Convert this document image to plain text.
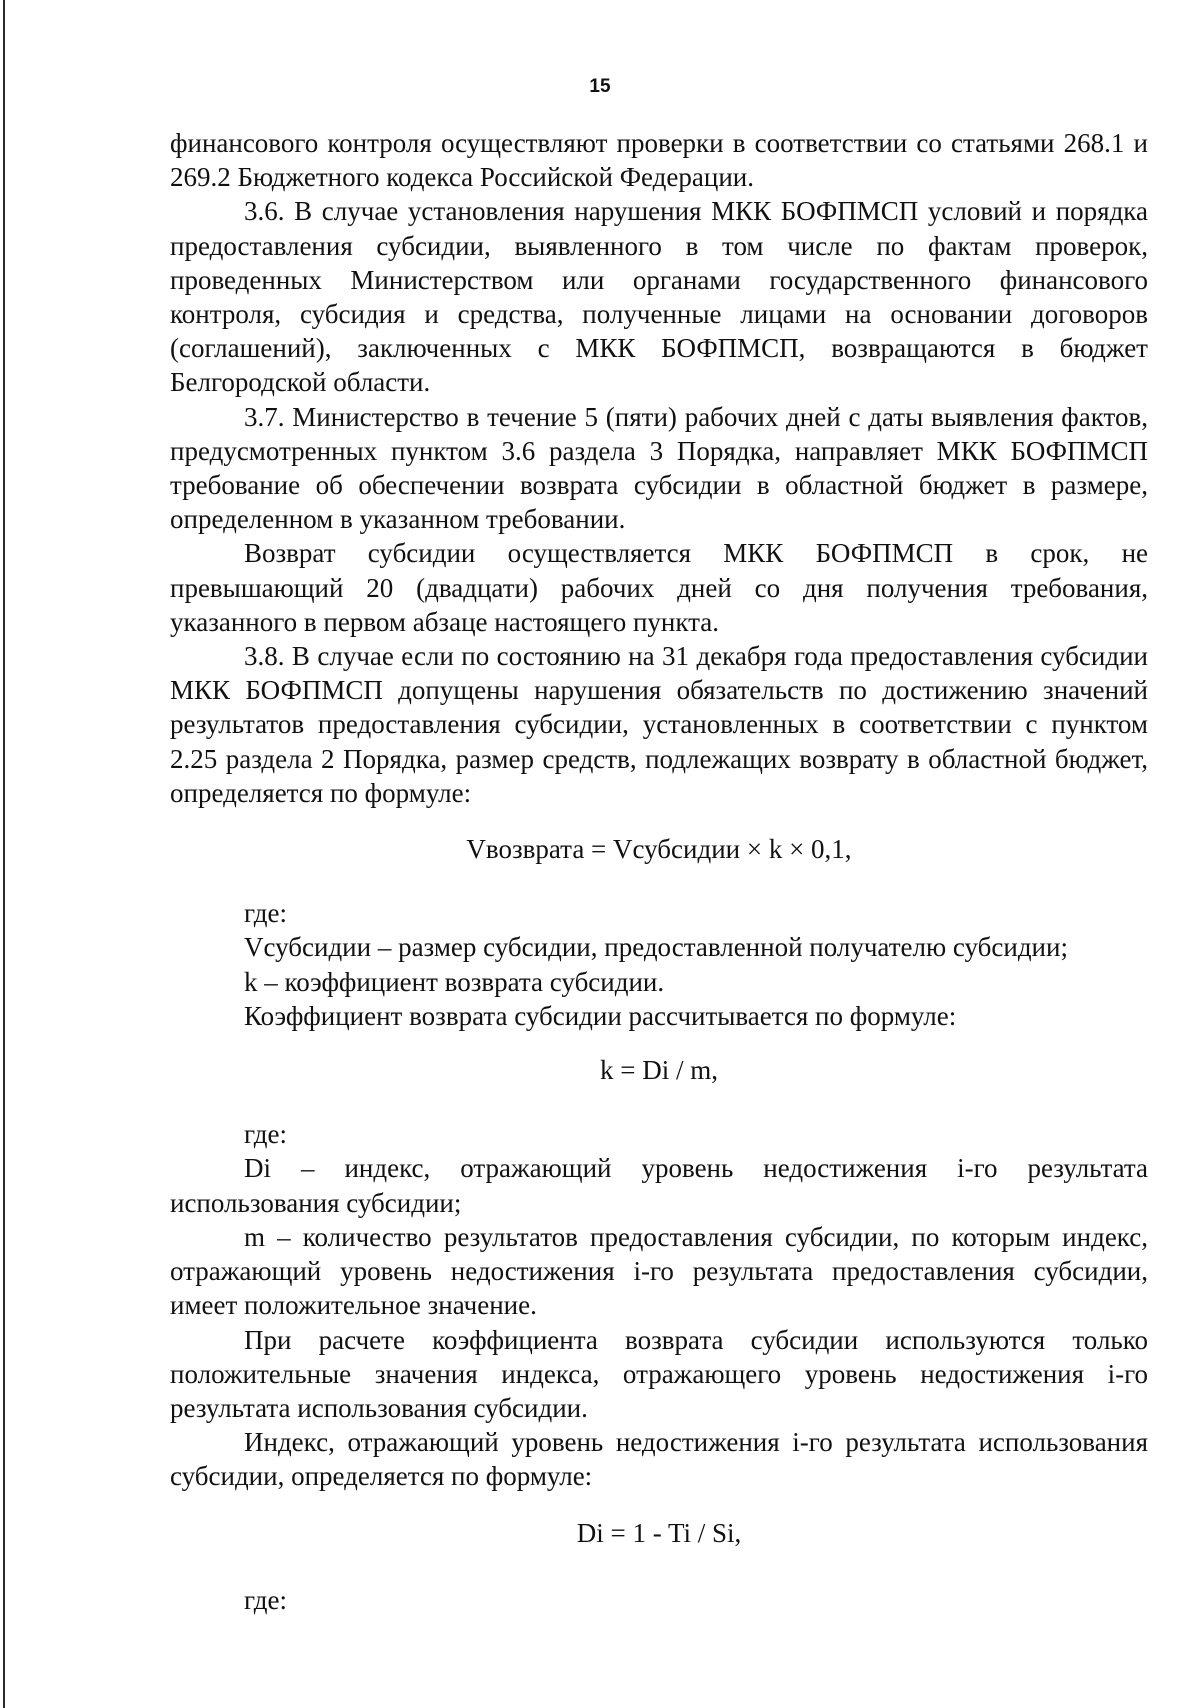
15

финансового контроля осуществляют проверки в соответствии со статьями 268.1 и 269.2 Бюджетного кодекса Российской Федерации.

3.6. В случае установления нарушения МКК БОФПМСП условий и порядка предоставления субсидии, выявленного в том числе по фактам проверок, проведенных Министерством или органами государственного финансового контроля, субсидия и средства, полученные лицами на основании договоров (соглашений), заключенных с МКК БОФПМСП, возвращаются в бюджет Белгородской области.

3.7. Министерство в течение 5 (пяти) рабочих дней с даты выявления фактов, предусмотренных пунктом 3.6 раздела 3 Порядка, направляет МКК БОФПМСП требование об обеспечении возврата субсидии в областной бюджет в размере, определенном в указанном требовании.

Возврат субсидии осуществляется МКК БОФПМСП в срок, не превышающий 20 (двадцати) рабочих дней со дня получения требования, указанного в первом абзаце настоящего пункта.

3.8. В случае если по состоянию на 31 декабря года предоставления субсидии МКК БОФПМСП допущены нарушения обязательств по достижению значений результатов предоставления субсидии, установленных в соответствии с пунктом 2.25 раздела 2 Порядка, размер средств, подлежащих возврату в областной бюджет, определяется по формуле:

Vвозврата = Vсубсидии × k × 0,1,

где:

Vсубсидии – размер субсидии, предоставленной получателю субсидии;

k – коэффициент возврата субсидии.

Коэффициент возврата субсидии рассчитывается по формуле:

k = Di / m,

где:

Di – индекс, отражающий уровень недостижения i-го результата использования субсидии;

m – количество результатов предоставления субсидии, по которым индекс, отражающий уровень недостижения i-го результата предоставления субсидии, имеет положительное значение.

При расчете коэффициента возврата субсидии используются только положительные значения индекса, отражающего уровень недостижения i-го результата использования субсидии.

Индекс, отражающий уровень недостижения i-го результата использования субсидии, определяется по формуле:

Di = 1 - Ti / Si,

где:
